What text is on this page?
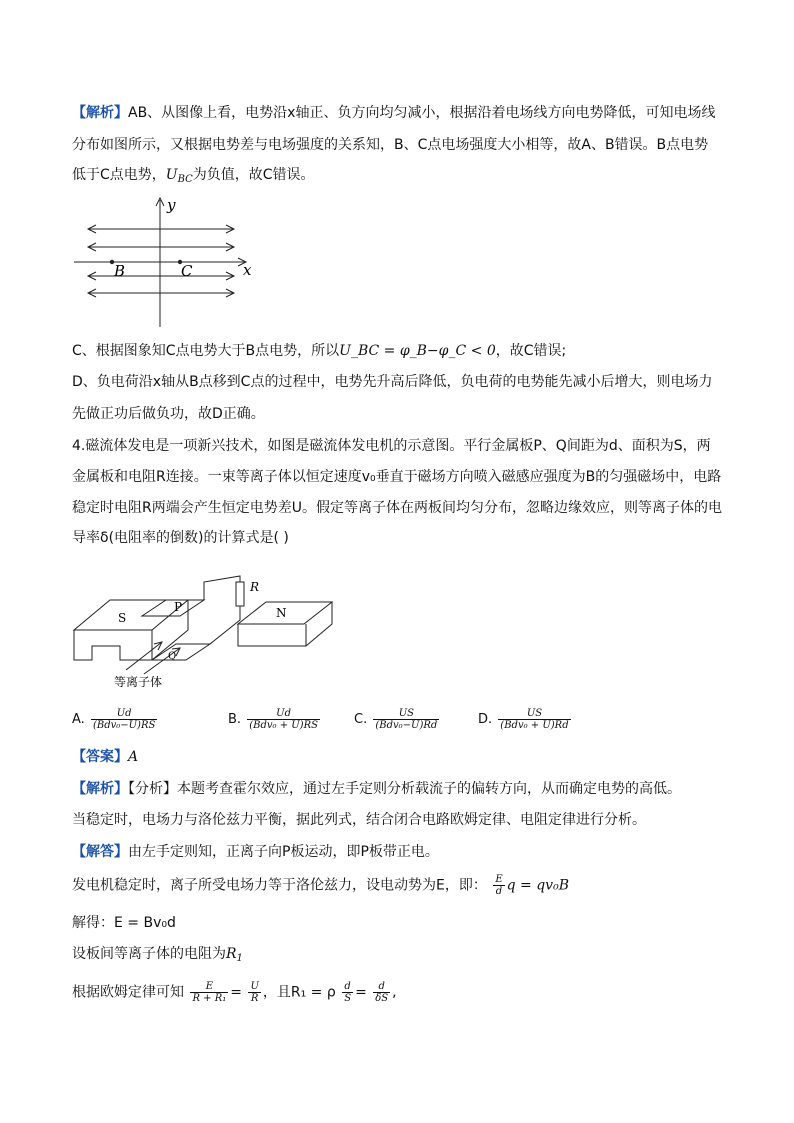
【解析】AB、从图像上看，电势沿x轴正、负方向均匀减小，根据沿着电场线方向电势降低，可知电场线
分布如图所示，又根据电势差与电场强度的关系知，B、C点电场强度大小相等，故A、B错误。B点电势
低于C点电势，$U_{BC}$为负值，故C错误。
y
x
B	C
C、根据图象知C点电势大于B点电势，所以U_BC = φ_B−φ_C < 0，故C错误;
D、负电荷沿x轴从B点移到C点的过程中，电势先升高后降低，负电荷的电势能先减小后增大，则电场力
先做正功后做负功，故D正确。
4.磁流体发电是一项新兴技术，如图是磁流体发电机的示意图。平行金属板P、Q间距为d、面积为S，两
金属板和电阻R连接。一束等离子体以恒定速度v₀垂直于磁场方向喷入磁感应强度为B的匀强磁场中，电路
稳定时电阻R两端会产生恒定电势差U。假定等离子体在两板间均匀分布，忽略边缘效应，则等离子体的电
导率δ(电阻率的倒数)的计算式是( )
S
P
R
N
Q
等离子体
A. $\frac{Ud}{\text{(Bdv₀−U)RS}}$	B. $\frac{Ud}{\text{(Bdv₀ + U)RS}}$	C. $\frac{US}{\text{(Bdv₀−U)Rd}}$	D. $\frac{US}{\text{(Bdv₀ + U)Rd}}$
【答案】A
【解析】【分析】本题考查霍尔效应，通过左手定则分析载流子的偏转方向，从而确定电势的高低。
当稳定时，电场力与洛伦兹力平衡，据此列式，结合闭合电路欧姆定律、电阻定律进行分析。
【解答】由左手定则知，正离子向P板运动，即P板带正电。
发电机稳定时，离子所受电场力等于洛伦兹力，设电动势为E，即： $\frac{E}{d}$ q = qv₀B
解得：E = Bv₀d
设板间等离子体的电阻为$R_1$
根据欧姆定律可知 $\frac{E}{\text{R + R₁}} = \frac{U}{R}$ ，且R₁ = ρ $\frac{d}{S} = \frac{d}{\delta S}$ ,
